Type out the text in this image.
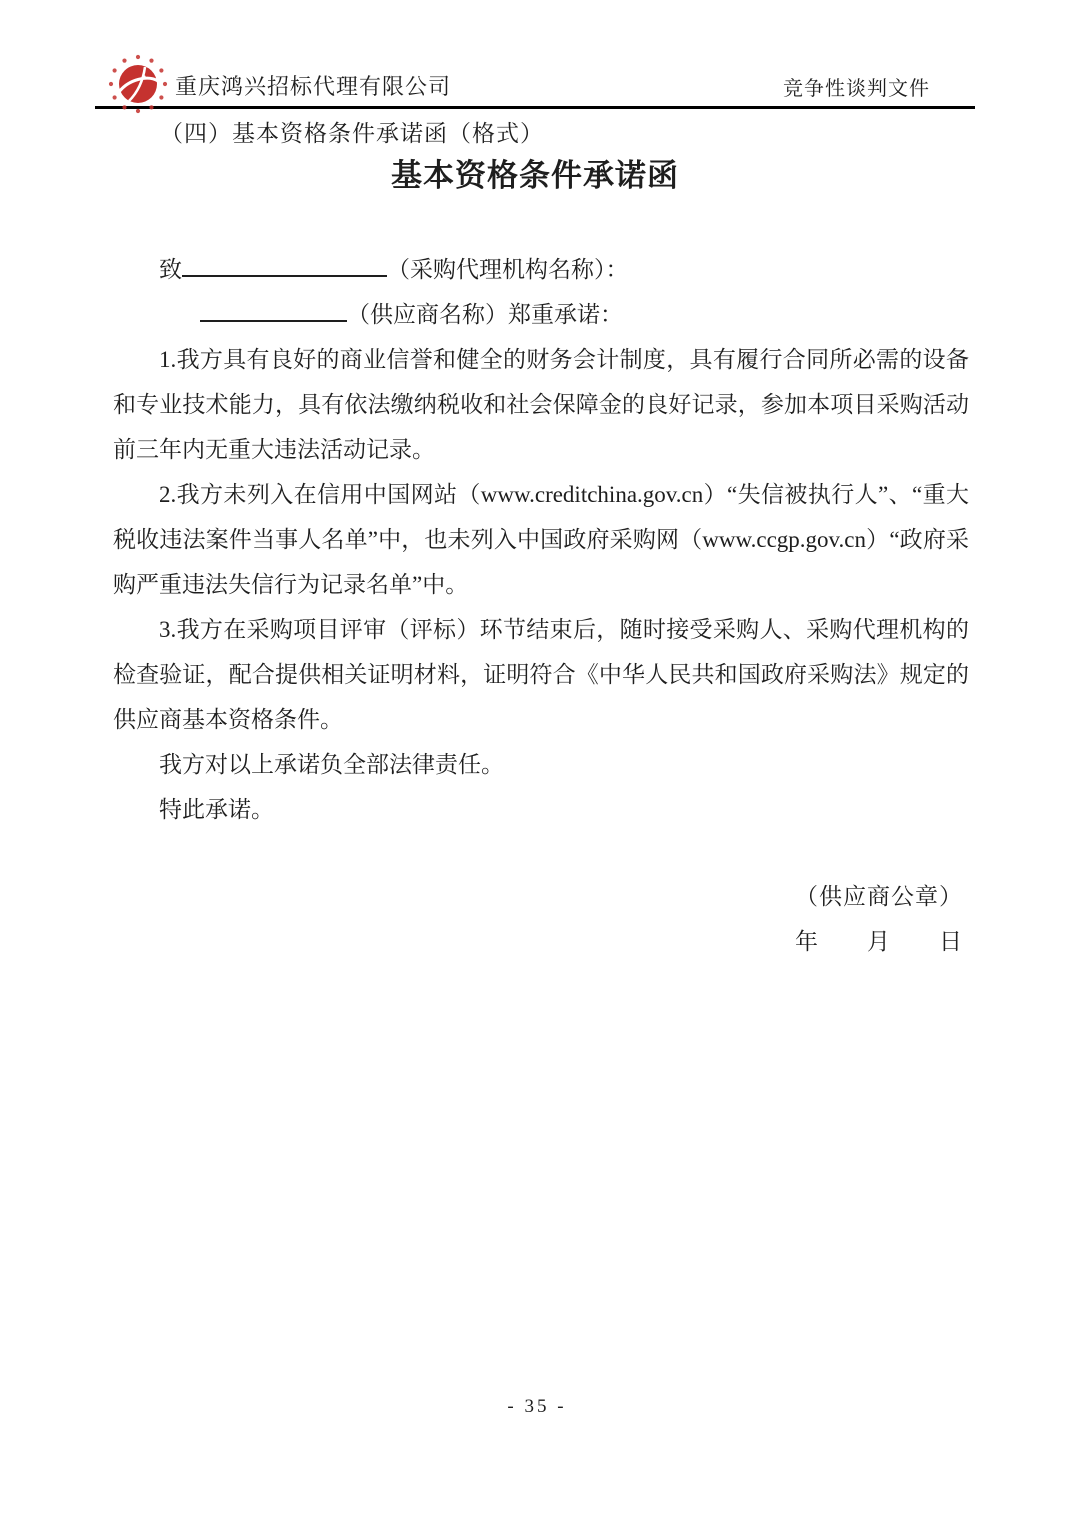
重庆鸿兴招标代理有限公司	竞争性谈判文件
（四）基本资格条件承诺函（格式）
基本资格条件承诺函

致	（采购代理机构名称）：

（供应商名称）郑重承诺：

1.我方具有良好的商业信誉和健全的财务会计制度，具有履行合同所必需的设备和专业技术能力，具有依法缴纳税收和社会保障金的良好记录，参加本项目采购活动前三年内无重大违法活动记录。

2.我方未列入在信用中国网站（www.creditchina.gov.cn）“失信被执行人”、“重大税收违法案件当事人名单”中，也未列入中国政府采购网（www.ccgp.gov.cn）“政府采购严重违法失信行为记录名单”中。

3.我方在采购项目评审（评标）环节结束后，随时接受采购人、采购代理机构的检查验证，配合提供相关证明材料，证明符合《中华人民共和国政府采购法》规定的供应商基本资格条件。

我方对以上承诺负全部法律责任。

特此承诺。

（供应商公章）

年　　月　　日

- 35 -
